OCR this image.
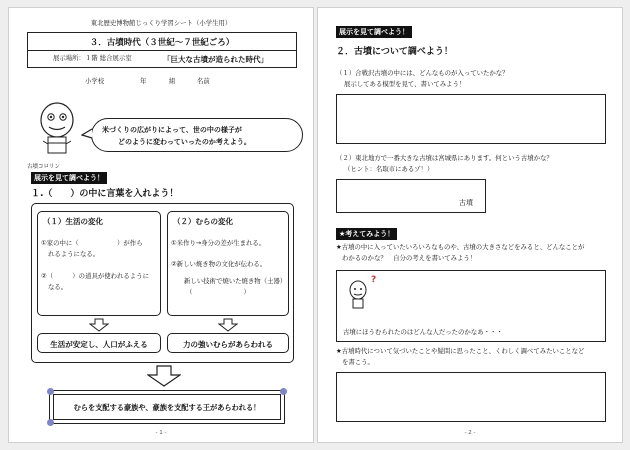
東北歴史博物館じっくり学習シート（小学生用）
３．古墳時代（３世紀～７世紀ごろ）
展示場所：１階 総合展示室	「巨大な古墳が造られた時代」
小学校	年	組	名前
古墳コロリン
米づくりの広がりによって、世の中の様子が
どのように変わっていったのか考えよう。
展示を見て調べよう！
１.（　　）の中に言葉を入れよう！
（１）生活の変化
①家の中に（　　　　　　）が作ら
れるようになる。
②（　　　）の道具が使われるように
なる。
（２）むらの変化
①米作り→身分の差が生まれる。
②新しい焼き物の文化が伝わる。
新しい技術で焼いた焼き物（土器）
（　　　　　　　　）
生活が安定し、人口がふえる	力の強いむらがあらわれる
むらを支配する豪族や、豪族を支配する王があらわれる！
- 1 -
展示を見て調べよう！
２．古墳について調べよう！
（１）合戦沢古墳の中には、どんなものが入っていたかな？
展示してある模型を見て、書いてみよう！
（２）東北地方で一番大きな古墳は宮城県にあります。何という古墳かな？
（ヒント：名取市にあるゾ！）
古墳
★考えてみよう！
★古墳の中に入っていたいろいろなものや、古墳の大きさなどをみると、どんなことが
わかるのかな？　自分の考えを書いてみよう！
?
古墳にほうむられたのはどんな人だったのかなあ・・・
★古墳時代について気づいたことや疑問に思ったこと、くわしく調べてみたいことなど
を書こう。
- 2 -
